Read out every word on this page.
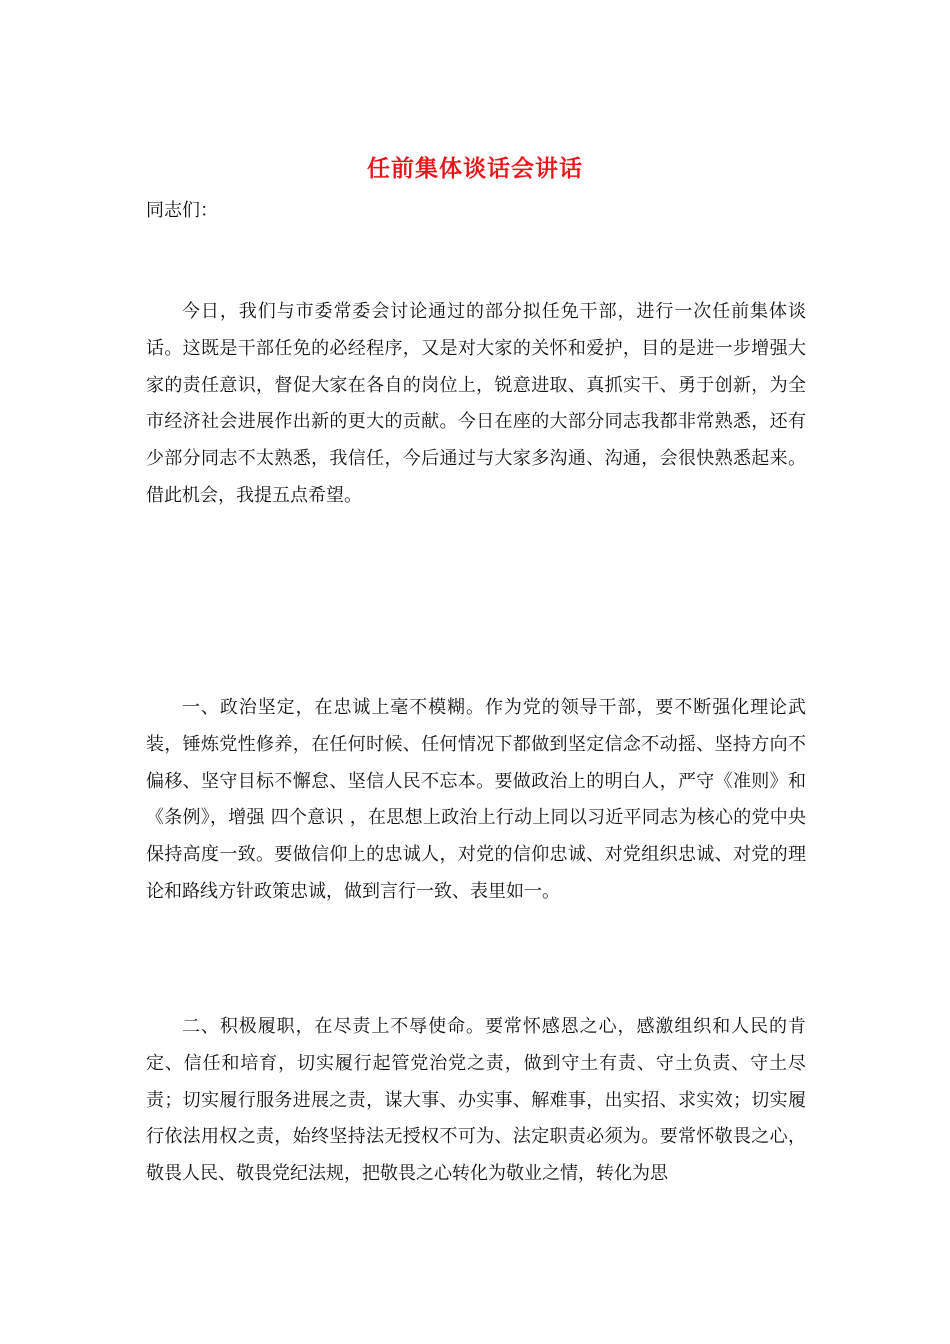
任前集体谈话会讲话
同志们：

今日，我们与市委常委会讨论通过的部分拟任免干部，进行一次任前集体谈话。这既是干部任免的必经程序，又是对大家的关怀和爱护，目的是进一步增强大家的责任意识，督促大家在各自的岗位上，锐意进取、真抓实干、勇于创新，为全市经济社会进展作出新的更大的贡献。今日在座的大部分同志我都非常熟悉，还有少部分同志不太熟悉，我信任，今后通过与大家多沟通、沟通，会很快熟悉起来。借此机会，我提五点希望。

一、政治坚定，在忠诚上毫不模糊。作为党的领导干部，要不断强化理论武装，锤炼党性修养，在任何时候、任何情况下都做到坚定信念不动摇、坚持方向不偏移、坚守目标不懈怠、坚信人民不忘本。要做政治上的明白人，严守《准则》和《条例》，增强 四个意识 ，在思想上政治上行动上同以习近平同志为核心的党中央保持高度一致。要做信仰上的忠诚人，对党的信仰忠诚、对党组织忠诚、对党的理论和路线方针政策忠诚，做到言行一致、表里如一。

二、积极履职，在尽责上不辱使命。要常怀感恩之心，感激组织和人民的肯定、信任和培育，切实履行起管党治党之责，做到守土有责、守土负责、守土尽责；切实履行服务进展之责，谋大事、办实事、解难事，出实招、求实效；切实履行依法用权之责，始终坚持法无授权不可为、法定职责必须为。要常怀敬畏之心，敬畏人民、敬畏党纪法规，把敬畏之心转化为敬业之情，转化为思
